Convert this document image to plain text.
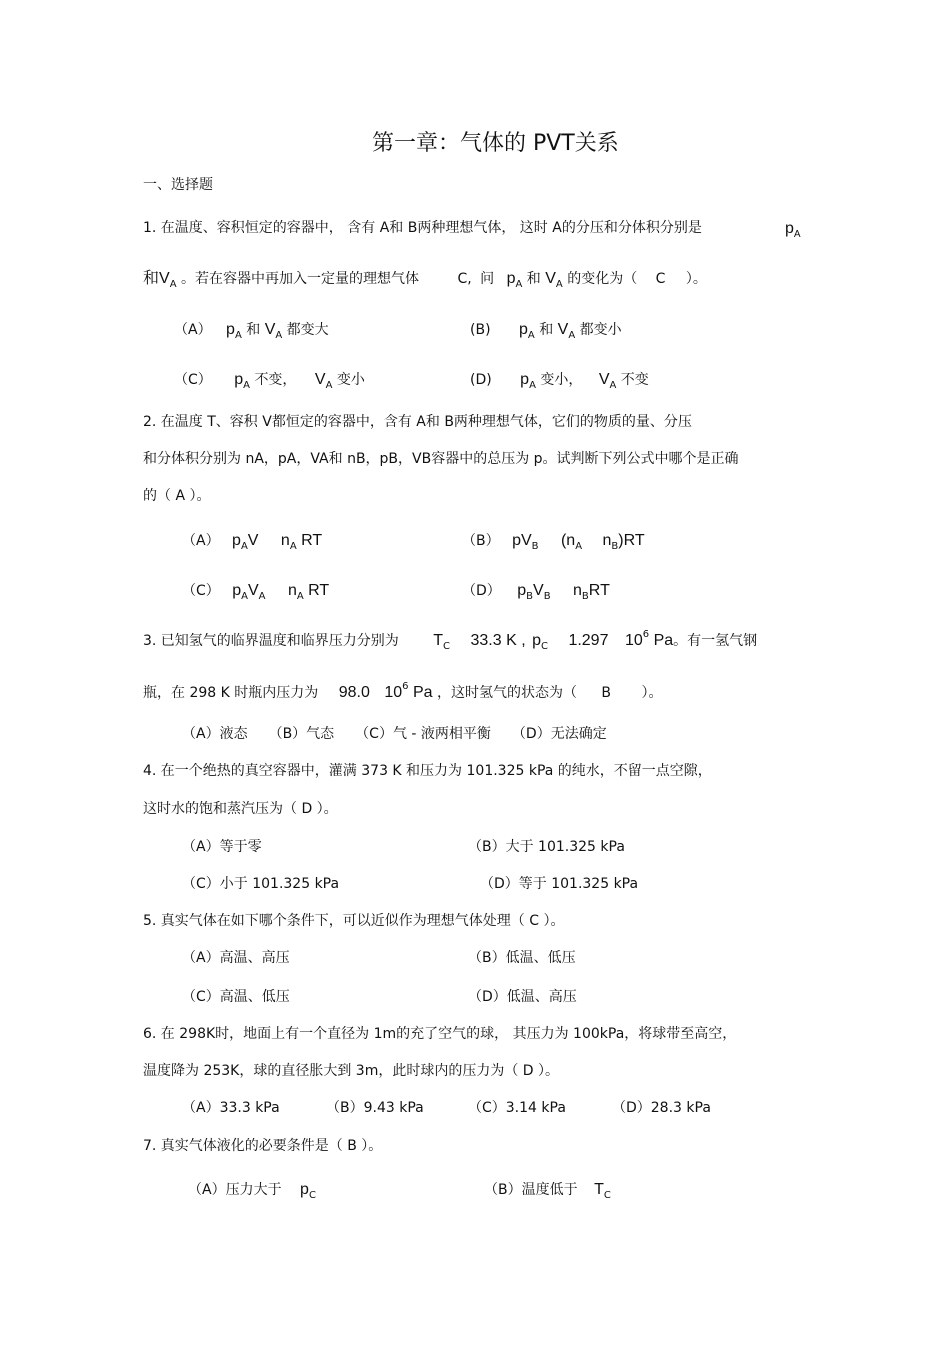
第一章：气体的 PVT关系
一、选择题
1. 在温度、容积恒定的容器中， 含有 A和 B两种理想气体， 这时 A的分压和分体积分别是	$p_A$
和$V_A$ 。若在容器中再加入一定量的理想气体	C, 问 $p_A$ 和 $V_A$ 的变化为（ C ）。
（A） $p_A$ 和 $V_A$ 都变大	(B) $p_A$ 和 $V_A$ 都变小
（C） $p_A$ 不变， $V_A$ 变小	(D) $p_A$ 变小， $V_A$ 不变
2. 在温度 T、容积 V都恒定的容器中，含有 A和 B两种理想气体，它们的物质的量、分压
和分体积分别为 nA，pA，VA和 nB，pB，VB容器中的总压为 p。试判断下列公式中哪个是正确
的（ A ）。
（A） $p_AV$ $n_A$ RT	（B） $pV_B$ ($n_A$ $n_B)RT$
（C） $p_AV_A$ $n_A$ RT	（D） $p_BV_B$ $n_BRT$
3. 已知氢气的临界温度和临界压力分别为 $T_C$ 33.3 K , $p_C$ 1.297 $10^6$ Pa。有一氢气钢
瓶，在 298 K 时瓶内压力为 98.0 $10^6$ Pa ，这时氢气的状态为（ B ）。
（A）液态　　（B）气态　　（C）气 - 液两相平衡　　（D）无法确定
4. 在一个绝热的真空容器中，灌满 373 K 和压力为 101.325 kPa 的纯水，不留一点空隙，
这时水的饱和蒸汽压为（ D ）。
（A）等于零	（B）大于 101.325 kPa
（C）小于 101.325 kPa	（D）等于 101.325 kPa
5. 真实气体在如下哪个条件下，可以近似作为理想气体处理（ C ）。
（A）高温、高压	（B）低温、低压
（C）高温、低压	（D）低温、高压
6. 在 298K时，地面上有一个直径为 1m的充了空气的球， 其压力为 100kPa，将球带至高空，
温度降为 253K，球的直径胀大到 3m，此时球内的压力为（ D ）。
（A）33.3 kPa	（B）9.43 kPa	（C）3.14 kPa	（D）28.3 kPa
7. 真实气体液化的必要条件是（ B ）。
（A）压力大于 $p_C$	（B）温度低于 $T_C$
